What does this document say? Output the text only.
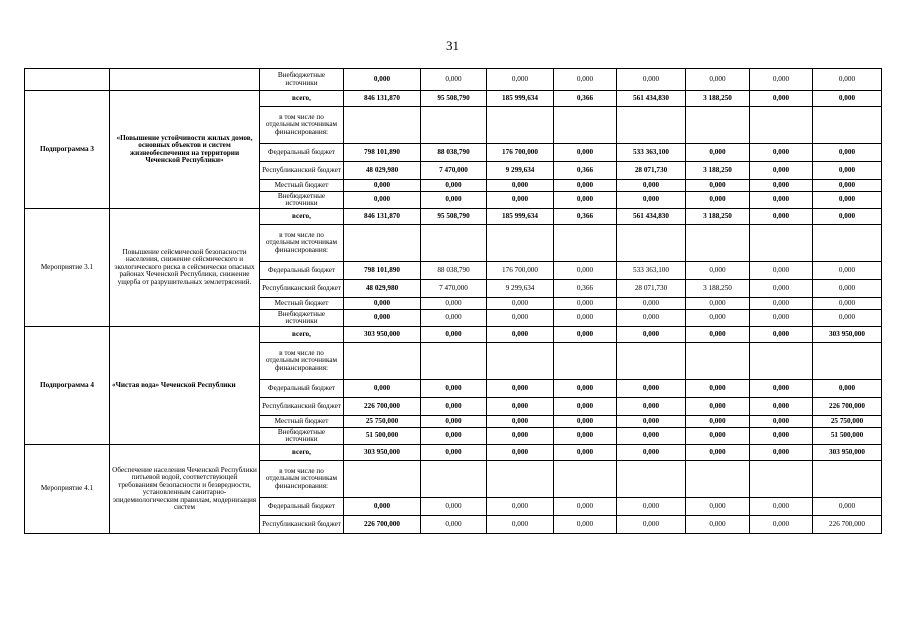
31
		Внебюджетные источники	0,000	0,000	0,000	0,000	0,000	0,000	0,000	0,000
Подпрограмма 3	«Повышение устойчивости жилых домов, основных объектов и систем жизнеобеспечения на территории Чеченской Республики»	всего,	846 131,870	95 508,790	185 999,634	0,366	561 434,830	3 188,250	0,000	0,000
		в том числе по отдельным источникам финансирования:								
		Федеральный бюджет	798 101,890	88 038,790	176 700,000	0,000	533 363,100	0,000	0,000	0,000
		Республиканский бюджет	48 029,980	7 470,000	9 299,634	0,366	28 071,730	3 188,250	0,000	0,000
		Местный бюджет	0,000	0,000	0,000	0,000	0,000	0,000	0,000	0,000
		Внебюджетные источники	0,000	0,000	0,000	0,000	0,000	0,000	0,000	0,000
Мероприятие 3.1	Повышение сейсмической безопасности населения, снижение сейсмического и экологического риска в сейсмически опасных районах Чеченской Республики, снижение ущерба от разрушительных землетрясений.	всего,	846 131,870	95 508,790	185 999,634	0,366	561 434,830	3 188,250	0,000	0,000
		в том числе по отдельным источникам финансирования:								
		Федеральный бюджет	798 101,890	88 038,790	176 700,000	0,000	533 363,100	0,000	0,000	0,000
		Республиканский бюджет	48 029,980	7 470,000	9 299,634	0,366	28 071,730	3 188,250	0,000	0,000
		Местный бюджет	0,000	0,000	0,000	0,000	0,000	0,000	0,000	0,000
		Внебюджетные источники	0,000	0,000	0,000	0,000	0,000	0,000	0,000	0,000
Подпрограмма 4	«Чистая вода» Чеченской Республики	всего,	303 950,000	0,000	0,000	0,000	0,000	0,000	0,000	303 950,000
		в том числе по отдельным источникам финансирования:								
		Федеральный бюджет	0,000	0,000	0,000	0,000	0,000	0,000	0,000	0,000
		Республиканский бюджет	226 700,000	0,000	0,000	0,000	0,000	0,000	0,000	226 700,000
		Местный бюджет	25 750,000	0,000	0,000	0,000	0,000	0,000	0,000	25 750,000
		Внебюджетные источники	51 500,000	0,000	0,000	0,000	0,000	0,000	0,000	51 500,000
Мероприятие 4.1	Обеспечение населения Чеченской Республики питьевой водой, соответствующей требованиям безопасности и безвредности, установленным санитарно-эпидемиологическим правилам, модернизация систем	всего,	303 950,000	0,000	0,000	0,000	0,000	0,000	0,000	303 950,000
		в том числе по отдельным источникам финансирования:								
		Федеральный бюджет	0,000	0,000	0,000	0,000	0,000	0,000	0,000	0,000
		Республиканский бюджет	226 700,000	0,000	0,000	0,000	0,000	0,000	0,000	226 700,000
